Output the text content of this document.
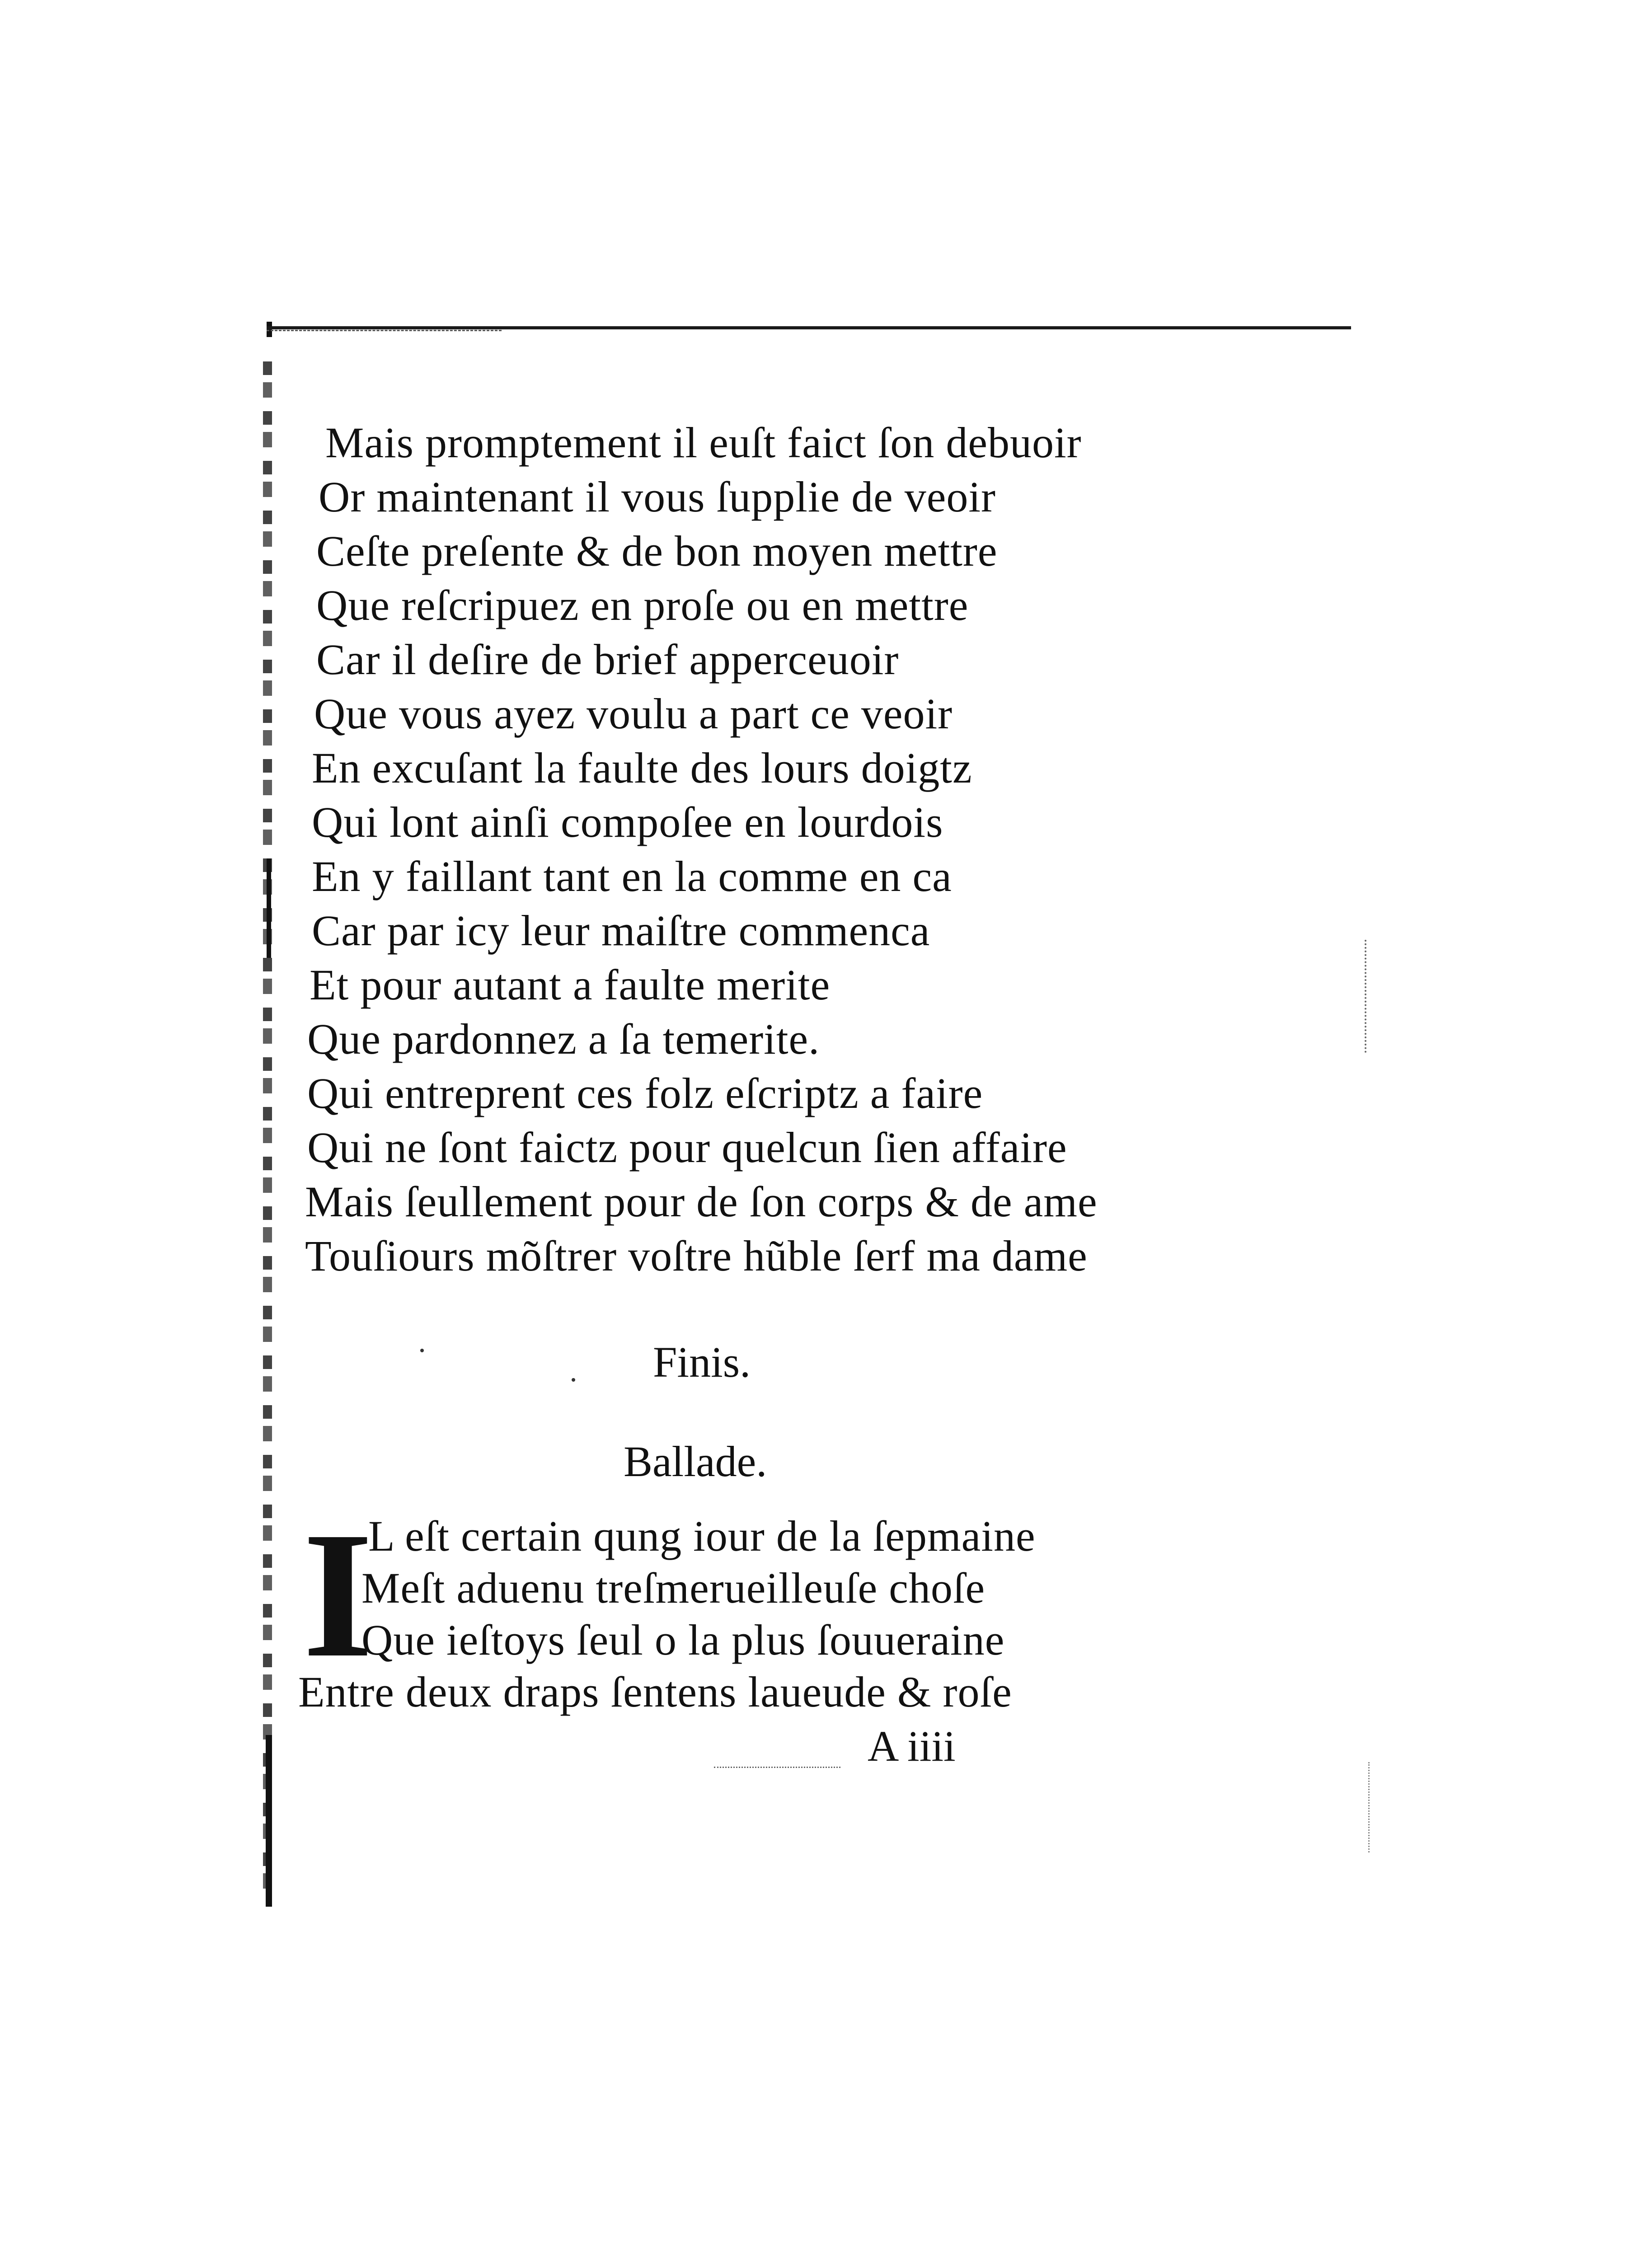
Mais promptement il euſt faict ſon debuoir
Or maintenant il vous ſupplie de veoir
Ceſte preſente & de bon moyen mettre
Que reſcripuez en proſe ou en mettre
Car il deſire de brief apperceuoir
Que vous ayez voulu a part ce veoir
En excuſant la faulte des lours doigtz
Qui lont ainſi compoſee en lourdois
En y faillant tant en la comme en ca
Car par icy leur maiſtre commenca
Et pour autant a faulte merite
Que pardonnez a ſa temerite.
Qui entreprent ces folz eſcriptz a faire
Qui ne ſont faictz pour quelcun ſien affaire
Mais ſeullement pour de ſon corps & de ame
Touſiours mõſtrer voſtre hũble ſerf ma dame
Finis.
Ballade.
I
L eſt certain qung iour de la ſepmaine
Meſt aduenu treſmerueilleuſe choſe
Que ieſtoys ſeul o la plus ſouueraine
Entre deux draps ſentens laueude & roſe
A iiii
